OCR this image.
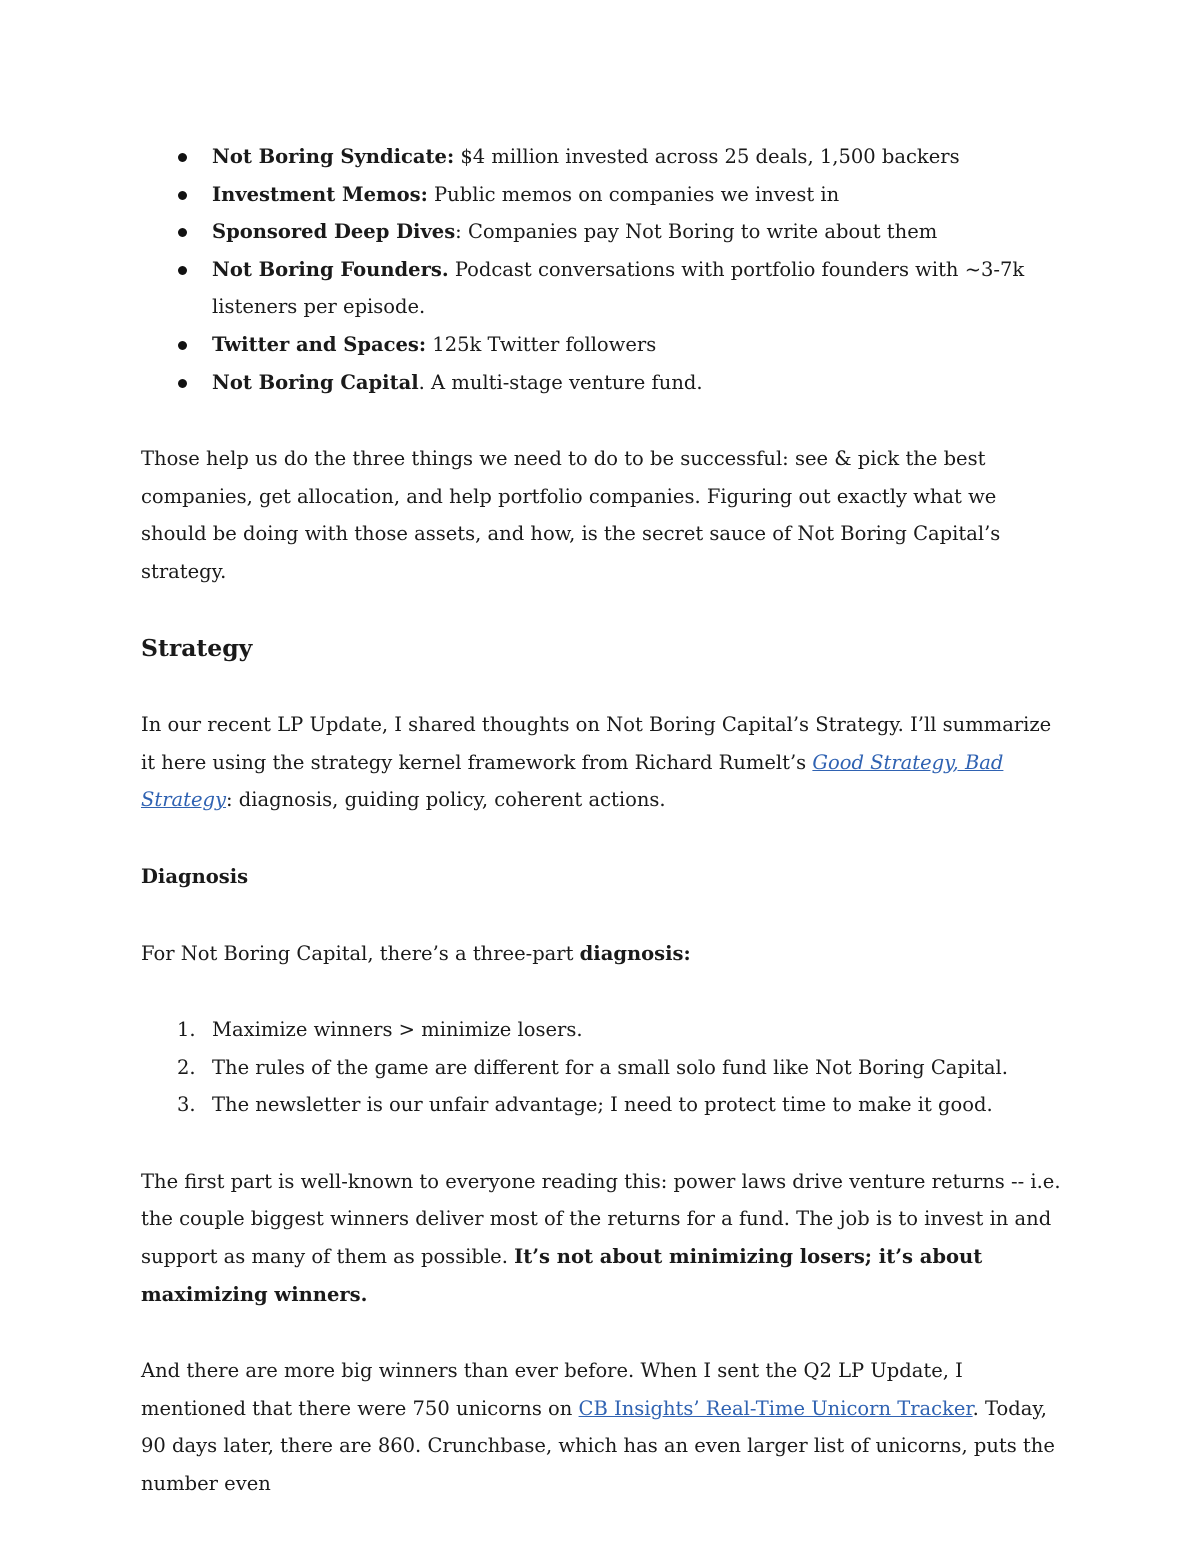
Not Boring Syndicate: $4 million invested across 25 deals, 1,500 backers
Investment Memos: Public memos on companies we invest in
Sponsored Deep Dives: Companies pay Not Boring to write about them
Not Boring Founders. Podcast conversations with portfolio founders with ~3-7k listeners per episode.
Twitter and Spaces: 125k Twitter followers
Not Boring Capital. A multi-stage venture fund.

Those help us do the three things we need to do to be successful: see & pick the best companies, get allocation, and help portfolio companies. Figuring out exactly what we should be doing with those assets, and how, is the secret sauce of Not Boring Capital’s strategy.

Strategy

In our recent LP Update, I shared thoughts on Not Boring Capital’s Strategy. I’ll summarize it here using the strategy kernel framework from Richard Rumelt’s Good Strategy, Bad Strategy: diagnosis, guiding policy, coherent actions.

Diagnosis

For Not Boring Capital, there’s a three-part diagnosis:

1. Maximize winners > minimize losers.
2. The rules of the game are different for a small solo fund like Not Boring Capital.
3. The newsletter is our unfair advantage; I need to protect time to make it good.

The first part is well-known to everyone reading this: power laws drive venture returns -- i.e. the couple biggest winners deliver most of the returns for a fund. The job is to invest in and support as many of them as possible. It’s not about minimizing losers; it’s about maximizing winners.

And there are more big winners than ever before. When I sent the Q2 LP Update, I mentioned that there were 750 unicorns on CB Insights’ Real-Time Unicorn Tracker. Today, 90 days later, there are 860. Crunchbase, which has an even larger list of unicorns, puts the number even
